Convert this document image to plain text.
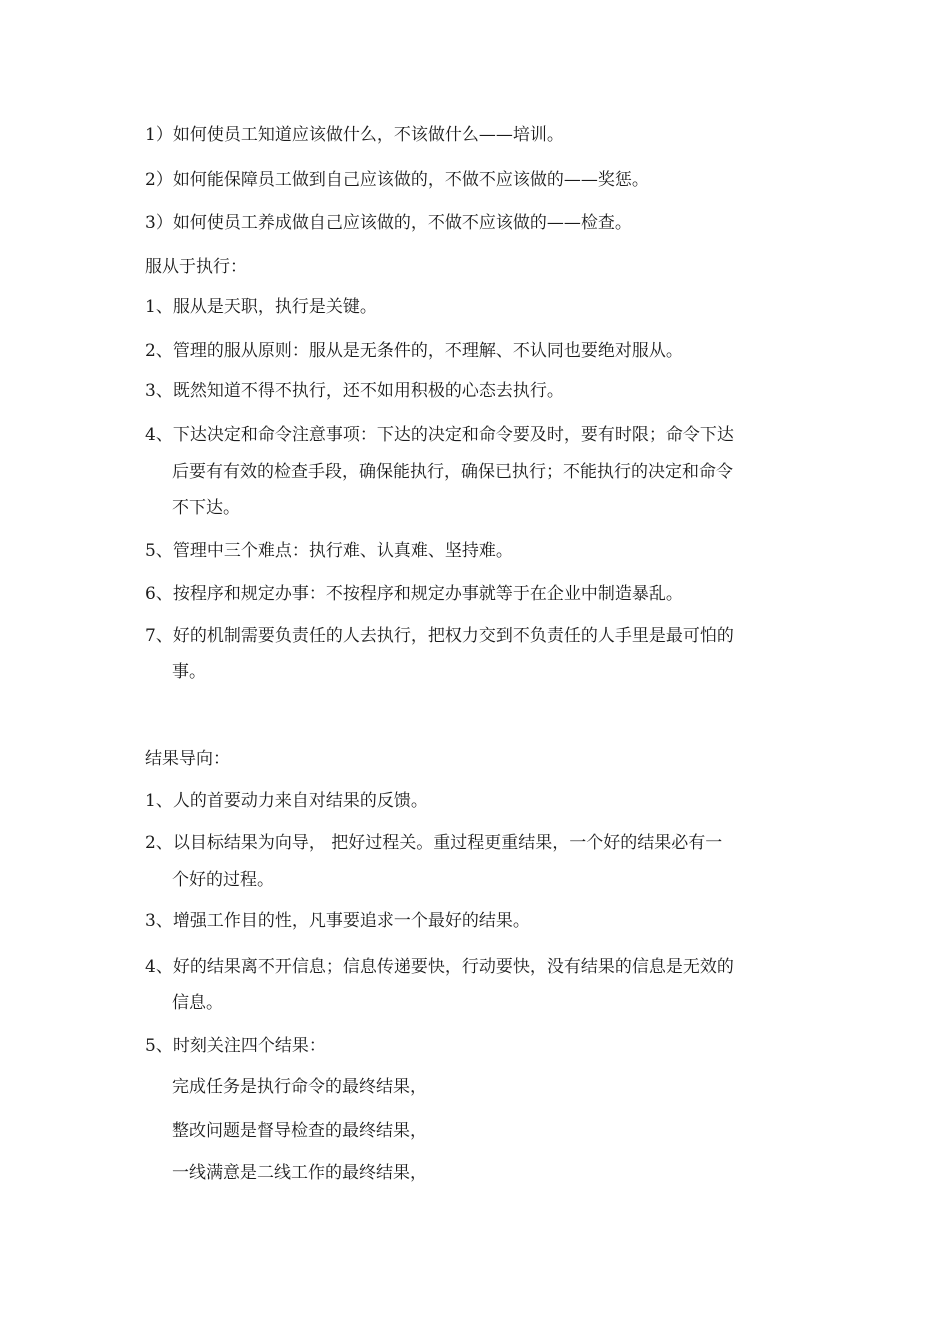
1）如何使员工知道应该做什么，不该做什么——培训。
2）如何能保障员工做到自己应该做的，不做不应该做的——奖惩。
3）如何使员工养成做自己应该做的，不做不应该做的——检查。
服从于执行：
1、服从是天职，执行是关键。
2、管理的服从原则：服从是无条件的，不理解、不认同也要绝对服从。
3、既然知道不得不执行，还不如用积极的心态去执行。
4、下达决定和命令注意事项：下达的决定和命令要及时，要有时限；命令下达
后要有有效的检查手段，确保能执行，确保已执行；不能执行的决定和命令
不下达。
5、管理中三个难点：执行难、认真难、坚持难。
6、按程序和规定办事：不按程序和规定办事就等于在企业中制造暴乱。
7、好的机制需要负责任的人去执行，把权力交到不负责任的人手里是最可怕的
事。
结果导向：
1、人的首要动力来自对结果的反馈。
2、以目标结果为向导， 把好过程关。重过程更重结果，一个好的结果必有一
个好的过程。
3、增强工作目的性，凡事要追求一个最好的结果。
4、好的结果离不开信息；信息传递要快，行动要快，没有结果的信息是无效的
信息。
5、时刻关注四个结果：
完成任务是执行命令的最终结果，
整改问题是督导检查的最终结果，
一线满意是二线工作的最终结果，
